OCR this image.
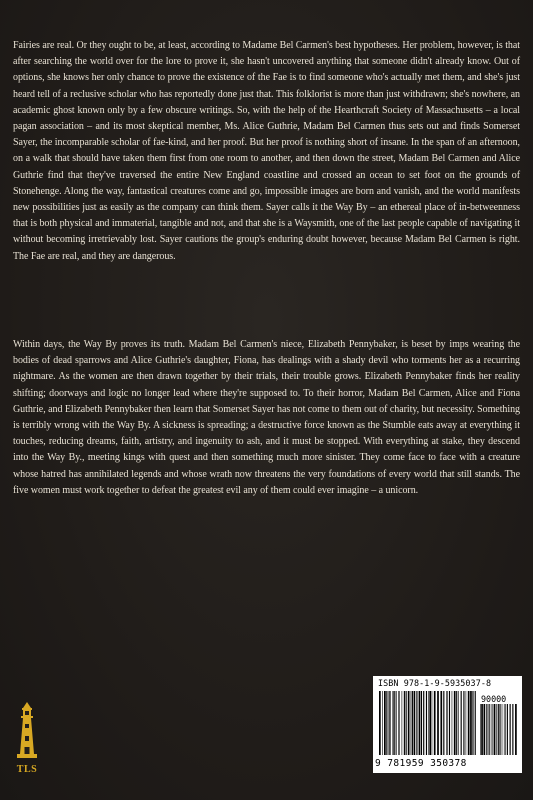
Fairies are real. Or they ought to be, at least, according to Madame Bel Carmen's best hypotheses. Her problem, however, is that after searching the world over for the lore to prove it, she hasn't uncovered anything that someone didn't already know. Out of options, she knows her only chance to prove the existence of the Fae is to find someone who's actually met them, and she's just heard tell of a reclusive scholar who has reportedly done just that. This folklorist is more than just withdrawn; she's nowhere, an academic ghost known only by a few obscure writings. So, with the help of the Hearthcraft Society of Massachusetts – a local pagan association – and its most skeptical member, Ms. Alice Guthrie, Madam Bel Carmen thus sets out and finds Somerset Sayer, the incomparable scholar of fae-kind, and her proof. But her proof is nothing short of insane. In the span of an afternoon, on a walk that should have taken them first from one room to another, and then down the street, Madam Bel Carmen and Alice Guthrie find that they've traversed the entire New England coastline and crossed an ocean to set foot on the grounds of Stonehenge. Along the way, fantastical creatures come and go, impossible images are born and vanish, and the world manifests new possibilities just as easily as the company can think them. Sayer calls it the Way By – an ethereal place of in-betweenness that is both physical and immaterial, tangible and not, and that she is a Waysmith, one of the last people capable of navigating it without becoming irretrievably lost. Sayer cautions the group's enduring doubt however, because Madam Bel Carmen is right. The Fae are real, and they are dangerous.

Within days, the Way By proves its truth. Madam Bel Carmen's niece, Elizabeth Pennybaker, is beset by imps wearing the bodies of dead sparrows and Alice Guthrie's daughter, Fiona, has dealings with a shady devil who torments her as a recurring nightmare. As the women are then drawn together by their trials, their trouble grows. Elizabeth Pennybaker finds her reality shifting; doorways and logic no longer lead where they're supposed to. To their horror, Madam Bel Carmen, Alice and Fiona Guthrie, and Elizabeth Pennybaker then learn that Somerset Sayer has not come to them out of charity, but necessity. Something is terribly wrong with the Way By. A sickness is spreading; a destructive force known as the Stumble eats away at everything it touches, reducing dreams, faith, artistry, and ingenuity to ash, and it must be stopped. With everything at stake, they descend into the Way By., meeting kings with quest and then something much more sinister. They come face to face with a creature whose hatred has annihilated legends and whose wrath now threatens the very foundations of every world that still stands. The five women must work together to defeat the greatest evil any of them could ever imagine – a unicorn.

TLS
ISBN 978-1-9-5935037-8
90000
9 781959 350378
